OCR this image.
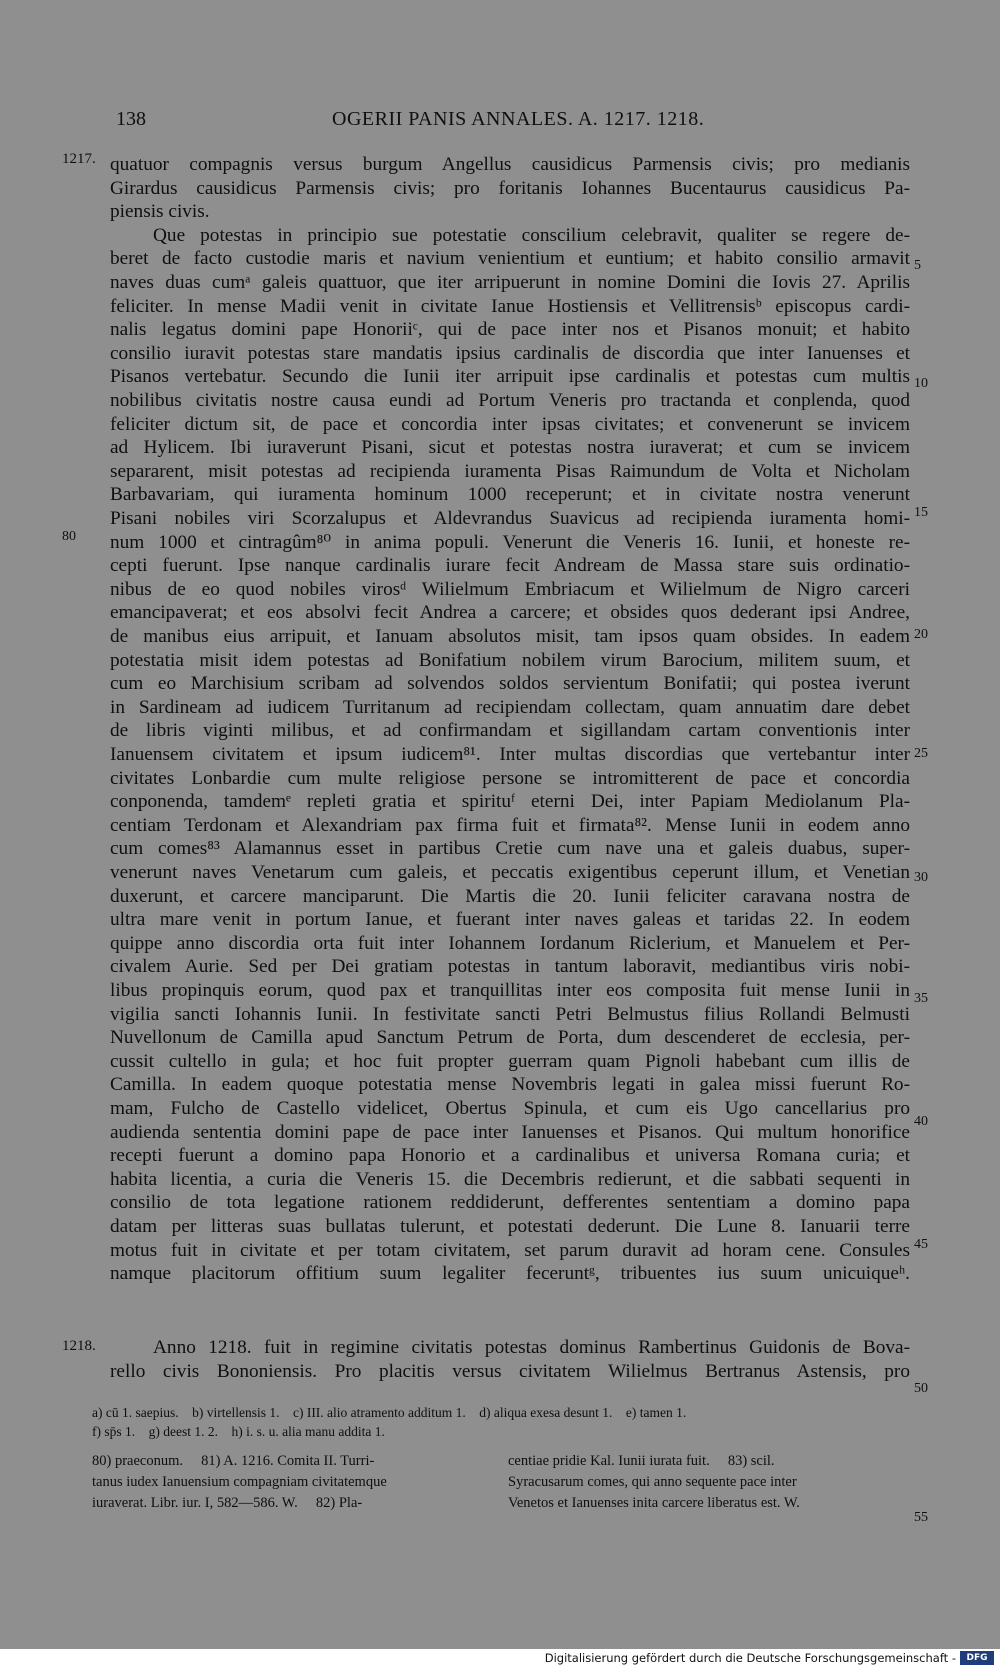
138	OGERII PANIS ANNALES. A. 1217. 1218.
quatuor compagnis versus burgum Angellus causidicus Parmensis civis; pro medianis
Girardus causidicus Parmensis civis; pro foritanis Iohannes Bucentaurus causidicus Pa-
piensis civis.
Que potestas in principio sue potestatie conscilium celebravit, qualiter se regere de-
beret de facto custodie maris et navium venientium et euntium; et habito consilio armavit
naves duas cumᵃ galeis quattuor, que iter arripuerunt in nomine Domini die Iovis 27. Aprilis
feliciter. In mense Madii venit in civitate Ianue Hostiensis et Vellitrensisᵇ episcopus cardi-
nalis legatus domini pape Honoriiᶜ, qui de pace inter nos et Pisanos monuit; et habito
consilio iuravit potestas stare mandatis ipsius cardinalis de discordia que inter Ianuenses et
Pisanos vertebatur. Secundo die Iunii iter arripuit ipse cardinalis et potestas cum multis
nobilibus civitatis nostre causa eundi ad Portum Veneris pro tractanda et conplenda, quod
feliciter dictum sit, de pace et concordia inter ipsas civitates; et convenerunt se invicem
ad Hylicem. Ibi iuraverunt Pisani, sicut et potestas nostra iuraverat; et cum se invicem
separarent, misit potestas ad recipienda iuramenta Pisas Raimundum de Volta et Nicholam
Barbavariam, qui iuramenta hominum 1000 receperunt; et in civitate nostra venerunt
Pisani nobiles viri Scorzalupus et Aldevrandus Suavicus ad recipienda iuramenta homi-
num 1000 et cintragûm⁸⁰ in anima populi. Venerunt die Veneris 16. Iunii, et honeste re-
cepti fuerunt. Ipse nanque cardinalis iurare fecit Andream de Massa stare suis ordinatio-
nibus de eo quod nobiles virosᵈ Wilielmum Embriacum et Wilielmum de Nigro carceri
emancipaverat; et eos absolvi fecit Andrea a carcere; et obsides quos dederant ipsi Andree,
de manibus eius arripuit, et Ianuam absolutos misit, tam ipsos quam obsides. In eadem
potestatia misit idem potestas ad Bonifatium nobilem virum Barocium, militem suum, et
cum eo Marchisium scribam ad solvendos soldos servientum Bonifatii; qui postea iverunt
in Sardineam ad iudicem Turritanum ad recipiendam collectam, quam annuatim dare debet
de libris viginti milibus, et ad confirmandam et sigillandam cartam conventionis inter
Ianuensem civitatem et ipsum iudicem⁸¹. Inter multas discordias que vertebantur inter
civitates Lonbardie cum multe religiose persone se intromitterent de pace et concordia
conponenda, tamdemᵉ repleti gratia et spirituᶠ eterni Dei, inter Papiam Mediolanum Pla-
centiam Terdonam et Alexandriam pax firma fuit et firmata⁸². Mense Iunii in eodem anno
cum comes⁸³ Alamannus esset in partibus Cretie cum nave una et galeis duabus, super-
venerunt naves Venetarum cum galeis, et peccatis exigentibus ceperunt illum, et Venetian
duxerunt, et carcere manciparunt. Die Martis die 20. Iunii feliciter caravana nostra de
ultra mare venit in portum Ianue, et fuerant inter naves galeas et taridas 22. In eodem
quippe anno discordia orta fuit inter Iohannem Iordanum Riclerium, et Manuelem et Per-
civalem Aurie. Sed per Dei gratiam potestas in tantum laboravit, mediantibus viris nobi-
libus propinquis eorum, quod pax et tranquillitas inter eos composita fuit mense Iunii in
vigilia sancti Iohannis Iunii. In festivitate sancti Petri Belmustus filius Rollandi Belmusti
Nuvellonum de Camilla apud Sanctum Petrum de Porta, dum descenderet de ecclesia, per-
cussit cultello in gula; et hoc fuit propter guerram quam Pignoli habebant cum illis de
Camilla. In eadem quoque potestatia mense Novembris legati in galea missi fuerunt Ro-
mam, Fulcho de Castello videlicet, Obertus Spinula, et cum eis Ugo cancellarius pro
audienda sententia domini pape de pace inter Ianuenses et Pisanos. Qui multum honorifice
recepti fuerunt a domino papa Honorio et a cardinalibus et universa Romana curia; et
habita licentia, a curia die Veneris 15. die Decembris redierunt, et die sabbati sequenti in
consilio de tota legatione rationem reddiderunt, defferentes sententiam a domino papa
datam per litteras suas bullatas tulerunt, et potestati dederunt. Die Lune 8. Ianuarii terre
motus fuit in civitate et per totam civitatem, set parum duravit ad horam cene. Consules
namque placitorum offitium suum legaliter feceruntᵍ, tribuentes ius suum unicuiqueʰ.
Anno 1218. fuit in regimine civitatis potestas dominus Rambertinus Guidonis de Bova-
rello civis Bononiensis. Pro placitis versus civitatem Wilielmus Bertranus Astensis, pro
1217.
80
1218.
5
10
15
20
25
30
35
40
45
50
55
a) cū 1. saepius.    b) virtellensis 1.    c) III. alio atramento additum 1.    d) aliqua exesa desunt 1.    e) tamen 1.
f) sp̄s 1.    g) deest 1. 2.    h) i. s. u. alia manu addita 1.
80) praeconum.     81) A. 1216. Comita II. Turri-
tanus iudex Ianuensium compagniam civitatemque
iuraverat. Libr. iur. I, 582—586. W.     82) Pla-
centiae pridie Kal. Iunii iurata fuit.     83) scil.
Syracusarum comes, qui anno sequente pace inter
Venetos et Ianuenses inita carcere liberatus est. W.
Digitalisierung gefördert durch die Deutsche Forschungsgemeinschaft -	DFG
